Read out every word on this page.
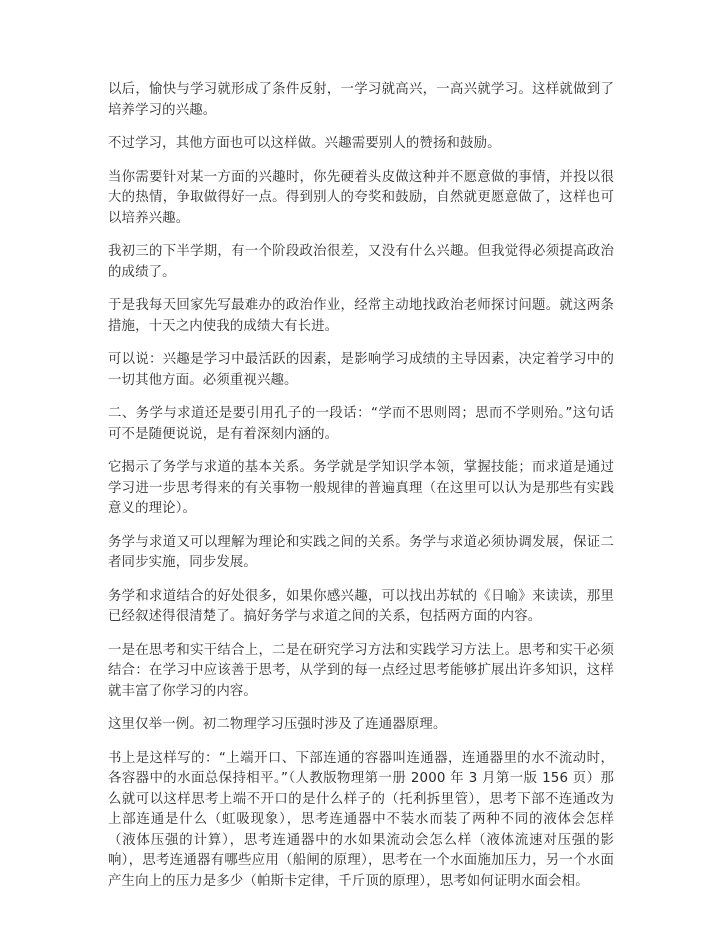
以后，愉快与学习就形成了条件反射，一学习就高兴，一高兴就学习。这样就做到了培养学习的兴趣。

不过学习，其他方面也可以这样做。兴趣需要别人的赞扬和鼓励。

当你需要针对某一方面的兴趣时，你先硬着头皮做这种并不愿意做的事情，并投以很大的热情，争取做得好一点。得到别人的夸奖和鼓励，自然就更愿意做了，这样也可以培养兴趣。

我初三的下半学期，有一个阶段政治很差，又没有什么兴趣。但我觉得必须提高政治的成绩了。

于是我每天回家先写最难办的政治作业，经常主动地找政治老师探讨问题。就这两条措施，十天之内使我的成绩大有长进。

可以说：兴趣是学习中最活跃的因素，是影响学习成绩的主导因素，决定着学习中的一切其他方面。必须重视兴趣。

二、务学与求道还是要引用孔子的一段话：“学而不思则罔；思而不学则殆。”这句话可不是随便说说，是有着深刻内涵的。

它揭示了务学与求道的基本关系。务学就是学知识学本领，掌握技能；而求道是通过学习进一步思考得来的有关事物一般规律的普遍真理（在这里可以认为是那些有实践意义的理论）。

务学与求道又可以理解为理论和实践之间的关系。务学与求道必须协调发展，保证二者同步实施，同步发展。

务学和求道结合的好处很多，如果你感兴趣，可以找出苏轼的《日喻》来读读，那里已经叙述得很清楚了。搞好务学与求道之间的关系，包括两方面的内容。

一是在思考和实干结合上，二是在研究学习方法和实践学习方法上。思考和实干必须结合：在学习中应该善于思考，从学到的每一点经过思考能够扩展出许多知识，这样就丰富了你学习的内容。

这里仅举一例。初二物理学习压强时涉及了连通器原理。

书上是这样写的：“上端开口、下部连通的容器叫连通器，连通器里的水不流动时，各容器中的水面总保持相平。”（人教版物理第一册 2000 年 3 月第一版 156 页）那么就可以这样思考上端不开口的是什么样子的（托利拆里管），思考下部不连通改为上部连通是什么（虹吸现象），思考连通器中不装水而装了两种不同的液体会怎样（液体压强的计算），思考连通器中的水如果流动会怎么样（液体流速对压强的影响），思考连通器有哪些应用（船闸的原理），思考在一个水面施加压力，另一个水面产生向上的压力是多少（帕斯卡定律，千斤顶的原理），思考如何证明水面会相。
